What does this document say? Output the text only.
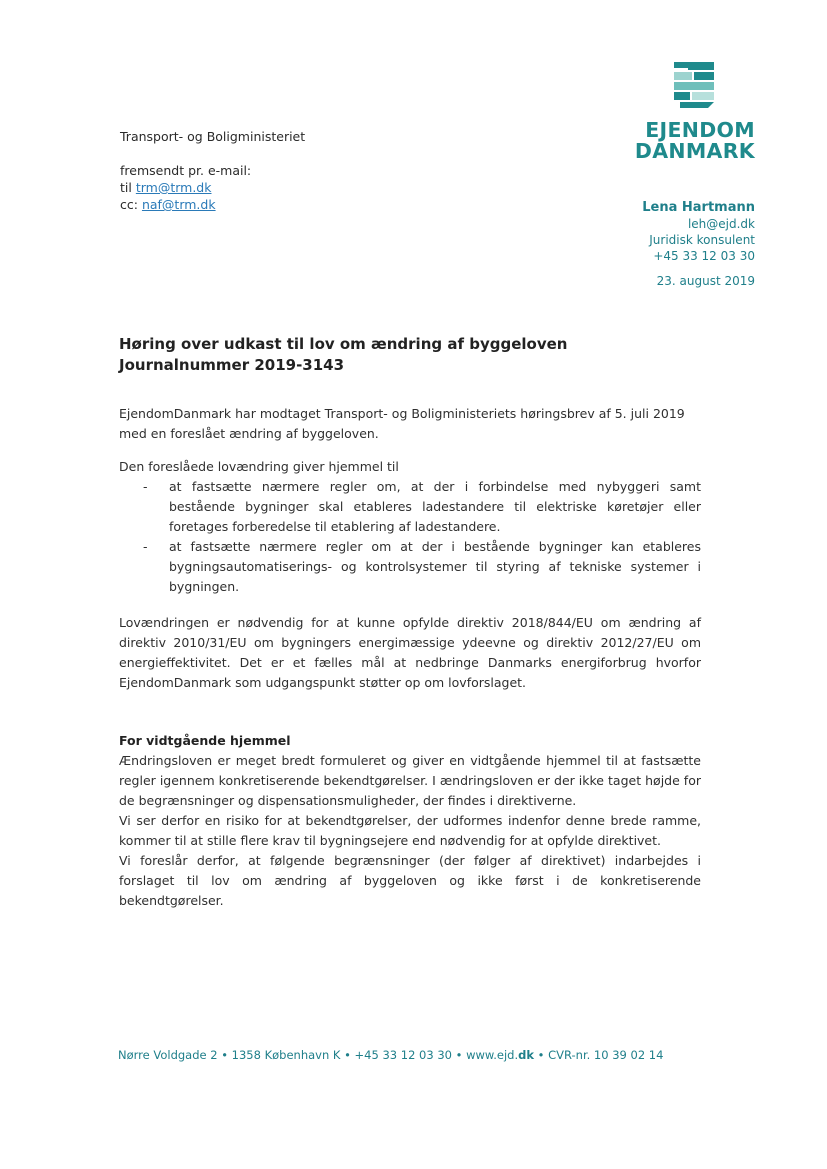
Transport- og Boligministeriet
fremsendt pr. e-mail:
til trm@trm.dk
cc: naf@trm.dk
EJENDOM
DANMARK
Lena Hartmann
leh@ejd.dk
Juridisk konsulent
+45 33 12 03 30
23. august 2019
Høring over udkast til lov om ændring af byggeloven
Journalnummer 2019-3143
EjendomDanmark har modtaget Transport- og Boligministeriets høringsbrev af 5. juli 2019 med en foreslået ændring af byggeloven.
Den foreslåede lovændring giver hjemmel til
- at fastsætte nærmere regler om, at der i forbindelse med nybyggeri samt bestående bygninger skal etableres ladestandere til elektriske køretøjer eller foretages forberedelse til etablering af ladestandere.
- at fastsætte nærmere regler om at der i bestående bygninger kan etableres bygningsautomatiserings- og kontrolsystemer til styring af tekniske systemer i bygningen.
Lovændringen er nødvendig for at kunne opfylde direktiv 2018/844/EU om ændring af direktiv 2010/31/EU om bygningers energimæssige ydeevne og direktiv 2012/27/EU om energieffektivitet. Det er et fælles mål at nedbringe Danmarks energiforbrug hvorfor EjendomDanmark som udgangspunkt støtter op om lovforslaget.
For vidtgående hjemmel
Ændringsloven er meget bredt formuleret og giver en vidtgående hjemmel til at fastsætte regler igennem konkretiserende bekendtgørelser. I ændringsloven er der ikke taget højde for de begrænsninger og dispensationsmuligheder, der findes i direktiverne.
Vi ser derfor en risiko for at bekendtgørelser, der udformes indenfor denne brede ramme, kommer til at stille flere krav til bygningsejere end nødvendig for at opfylde direktivet.
Vi foreslår derfor, at følgende begrænsninger (der følger af direktivet) indarbejdes i forslaget til lov om ændring af byggeloven og ikke først i de konkretiserende bekendtgørelser.
Nørre Voldgade 2 • 1358 København K • +45 33 12 03 30 • www.ejd.dk • CVR-nr. 10 39 02 14
